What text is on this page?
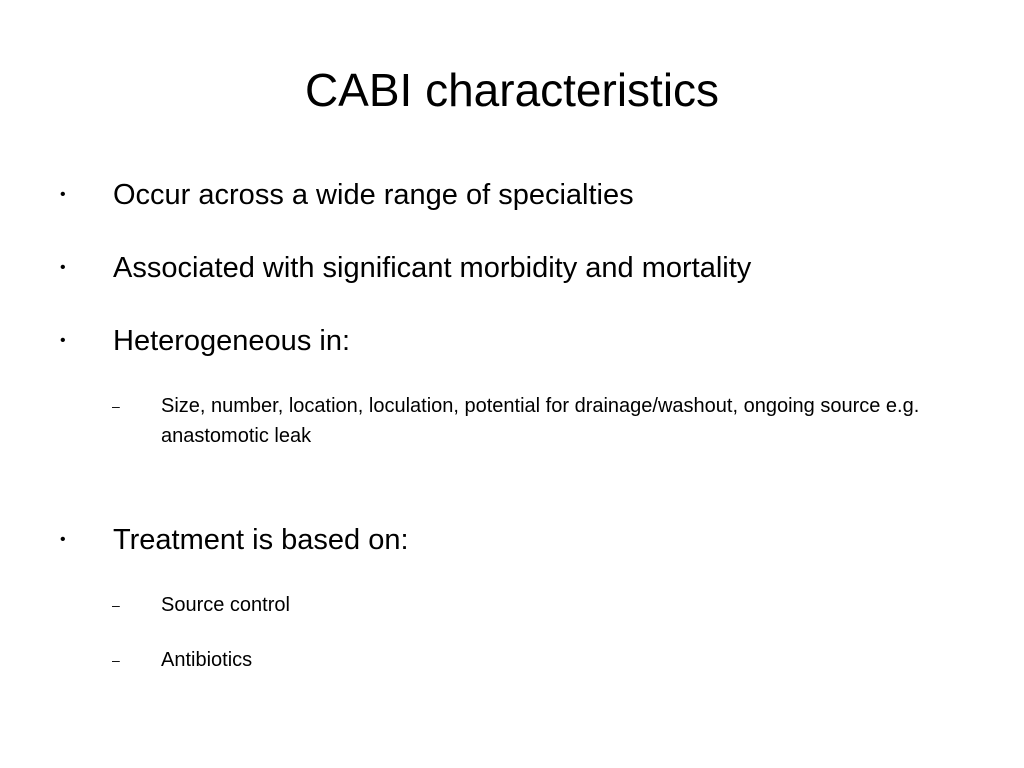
CABI characteristics
•	Occur across a wide range of specialties
•	Associated with significant morbidity and mortality
•	Heterogeneous in:
–	Size, number, location, loculation, potential for drainage/washout, ongoing source e.g. anastomotic leak
•	Treatment is based on:
–	Source control
–	Antibiotics
